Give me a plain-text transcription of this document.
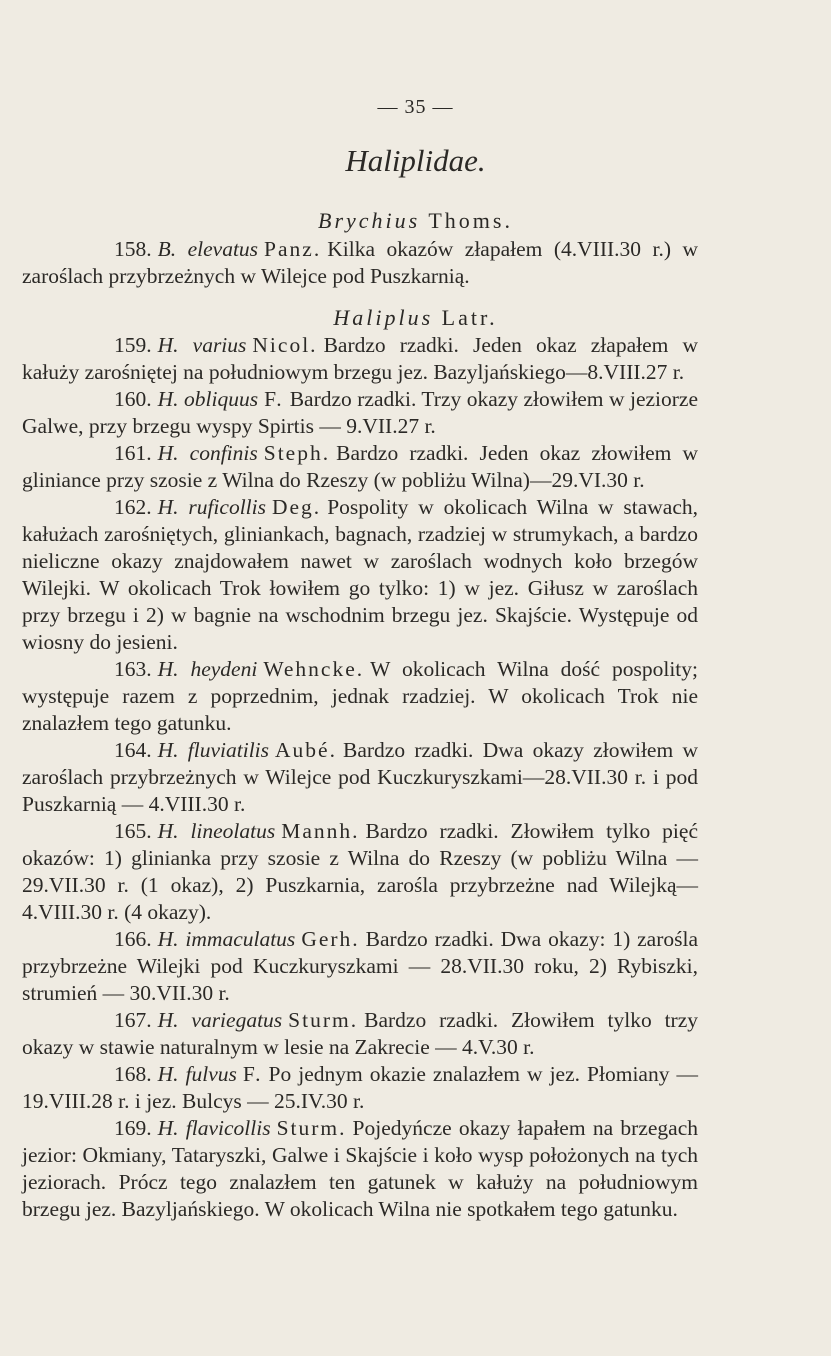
— 35 —
Haliplidae.
Brychius Thoms.
Haliplus Latr.

158. B. elevatus Panz. Kilka okazów złapałem (4.VIII.30 r.) w zaroślach przybrzeżnych w Wilejce pod Puszkarnią.

159. H. varius Nicol. Bardzo rzadki. Jeden okaz złapałem w kałuży zarośniętej na południowym brzegu jez. Bazyljańskiego—8.VIII.27 r.

160. H. obliquus F. Bardzo rzadki. Trzy okazy złowiłem w jeziorze Galwe, przy brzegu wyspy Spirtis — 9.VII.27 r.

161. H. confinis Steph. Bardzo rzadki. Jeden okaz złowiłem w gliniance przy szosie z Wilna do Rzeszy (w pobliżu Wilna)—29.VI.30 r.

162. H. ruficollis Deg. Pospolity w okolicach Wilna w stawach, kałużach zarośniętych, gliniankach, bagnach, rzadziej w strumykach, a bardzo nieliczne okazy znajdowałem nawet w zaroślach wodnych koło brzegów Wilejki. W okolicach Trok łowiłem go tylko: 1) w jez. Giłusz w zaroślach przy brzegu i 2) w bagnie na wschodnim brzegu jez. Skajście. Występuje od wiosny do jesieni.

163. H. heydeni Wehncke. W okolicach Wilna dość pospolity; występuje razem z poprzednim, jednak rzadziej. W okolicach Trok nie znalazłem tego gatunku.

164. H. fluviatilis Aubé. Bardzo rzadki. Dwa okazy złowiłem w zaroślach przybrzeżnych w Wilejce pod Kuczkuryszkami—28.VII.30 r. i pod Puszkarnią — 4.VIII.30 r.

165. H. lineolatus Mannh. Bardzo rzadki. Złowiłem tylko pięć okazów: 1) glinianka przy szosie z Wilna do Rzeszy (w pobliżu Wilna — 29.VII.30 r. (1 okaz), 2) Puszkarnia, zarośla przybrzeżne nad Wilejką—4.VIII.30 r. (4 okazy).

166. H. immaculatus Gerh. Bardzo rzadki. Dwa okazy: 1) zarośla przybrzeżne Wilejki pod Kuczkuryszkami — 28.VII.30 roku, 2) Rybiszki, strumień — 30.VII.30 r.

167. H. variegatus Sturm. Bardzo rzadki. Złowiłem tylko trzy okazy w stawie naturalnym w lesie na Zakrecie — 4.V.30 r.

168. H. fulvus F. Po jednym okazie znalazłem w jez. Płomiany — 19.VIII.28 r. i jez. Bulcys — 25.IV.30 r.

169. H. flavicollis Sturm. Pojedyńcze okazy łapałem na brzegach jezior: Okmiany, Tataryszki, Galwe i Skajście i koło wysp położonych na tych jeziorach. Prócz tego znalazłem ten gatunek w kałuży na południowym brzegu jez. Bazyljańskiego. W okolicach Wilna nie spotkałem tego gatunku.
